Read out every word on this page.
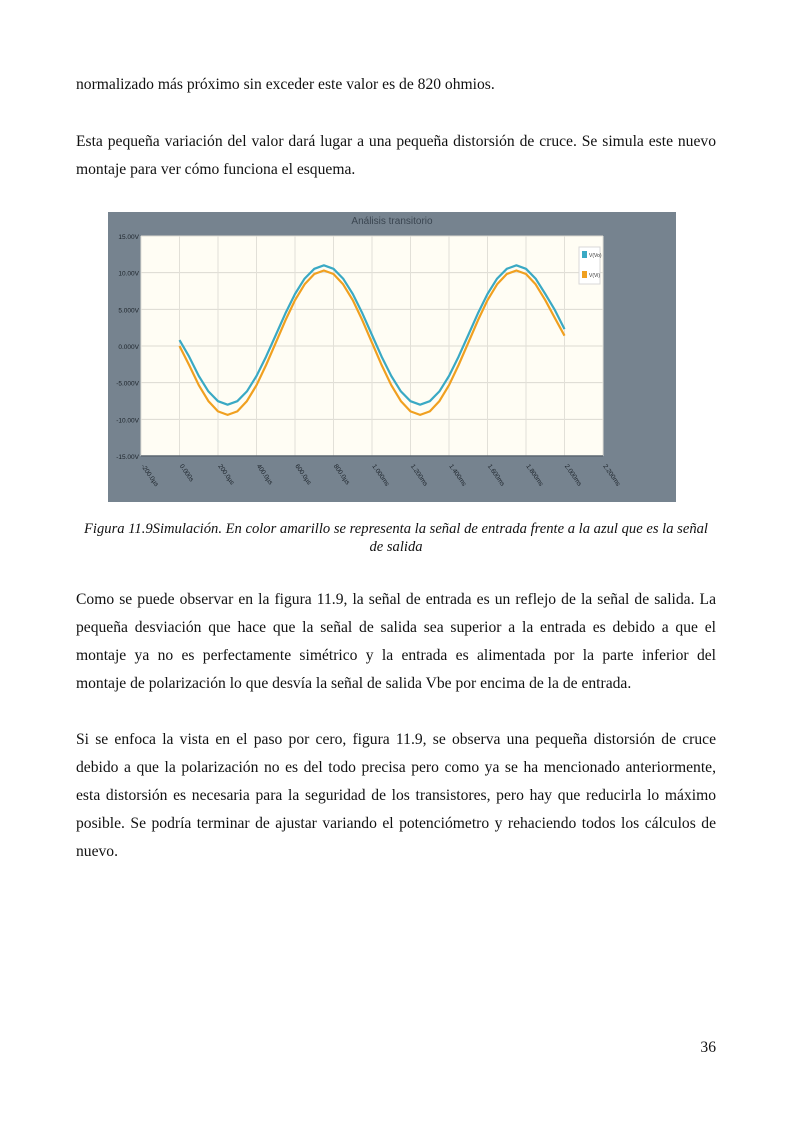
normalizado más próximo sin exceder este valor es de 820 ohmios.
Esta pequeña variación del valor dará lugar a una pequeña distorsión de cruce. Se simula este nuevo
montaje para ver cómo funciona el esquema.
Análisis transitorio
15.00V
10.00V
5.000V
0.000V
-5.000V
-10.00V
-15.00V
-200.0µs	0.000s	200.0µs	400.0µs	600.0µs	800.0µs	1.000ms	1.200ms	1.400ms	1.600ms	1.800ms	2.000ms	2.200ms
V(Vo)
V(Vi)
Figura 11.9Simulación. En color amarillo se representa la señal de entrada frente a la azul que es la señal
de salida
Como se puede observar en la figura 11.9, la señal de entrada es un reflejo de la señal de salida. La
pequeña desviación que hace que la señal de salida sea superior a la entrada es debido a que el
montaje ya no es perfectamente simétrico y la entrada es alimentada por la parte inferior del
montaje de polarización lo que desvía la señal de salida Vbe por encima de la de entrada.
Si se enfoca la vista en el paso por cero, figura 11.9, se observa una pequeña distorsión de cruce
debido a que la polarización no es del todo precisa pero como ya se ha mencionado anteriormente,
esta distorsión es necesaria para la seguridad de los transistores, pero hay que reducirla lo máximo
posible. Se podría terminar de ajustar variando el potenciómetro y rehaciendo todos los cálculos de
nuevo.
36
